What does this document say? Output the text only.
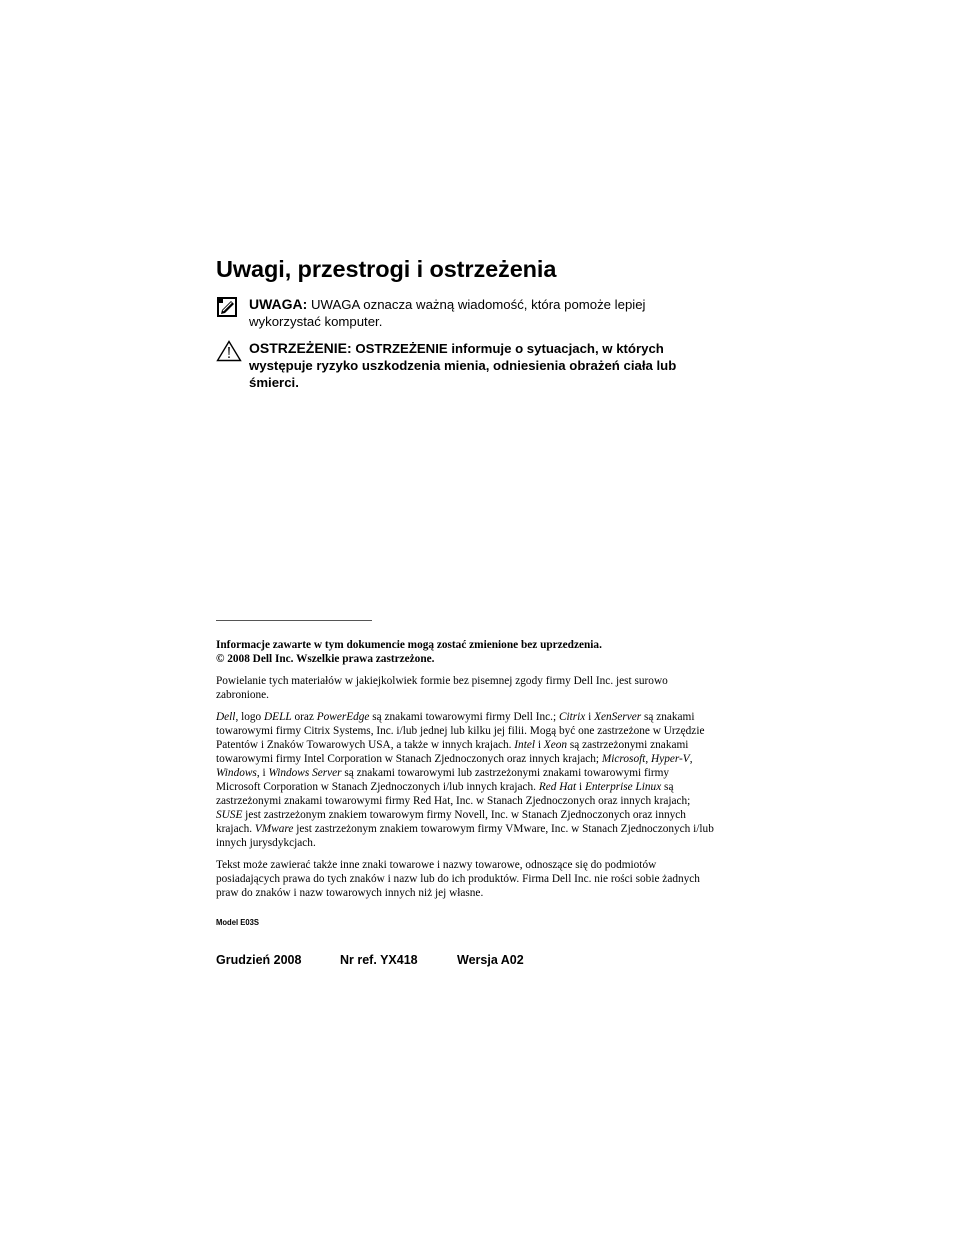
Uwagi, przestrogi i ostrzeżenia
UWAGA: UWAGA oznacza ważną wiadomość, która pomoże lepiej wykorzystać komputer.
OSTRZEŻENIE: OSTRZEŻENIE informuje o sytuacjach, w których występuje ryzyko uszkodzenia mienia, odniesienia obrażeń ciała lub śmierci.

Informacje zawarte w tym dokumencie mogą zostać zmienione bez uprzedzenia.

© 2008 Dell Inc. Wszelkie prawa zastrzeżone.

Powielanie tych materiałów w jakiejkolwiek formie bez pisemnej zgody firmy Dell Inc. jest surowo zabronione.

Dell, logo DELL oraz PowerEdge są znakami towarowymi firmy Dell Inc.; Citrix i XenServer są znakami towarowymi firmy Citrix Systems, Inc. i/lub jednej lub kilku jej filii. Mogą być one zastrzeżone w Urzędzie Patentów i Znaków Towarowych USA, a także w innych krajach. Intel i Xeon są zastrzeżonymi znakami towarowymi firmy Intel Corporation w Stanach Zjednoczonych oraz innych krajach; Microsoft, Hyper-V, Windows, i Windows Server są znakami towarowymi lub zastrzeżonymi znakami towarowymi firmy Microsoft Corporation w Stanach Zjednoczonych i/lub innych krajach. Red Hat i Enterprise Linux są zastrzeżonymi znakami towarowymi firmy Red Hat, Inc. w Stanach Zjednoczonych oraz innych krajach; SUSE jest zastrzeżonym znakiem towarowym firmy Novell, Inc. w Stanach Zjednoczonych oraz innych krajach. VMware jest zastrzeżonym znakiem towarowym firmy VMware, Inc. w Stanach Zjednoczonych i/lub innych jurysdykcjach.

Tekst może zawierać także inne znaki towarowe i nazwy towarowe, odnoszące się do podmiotów posiadających prawa do tych znaków i nazw lub do ich produktów. Firma Dell Inc. nie rości sobie żadnych praw do znaków i nazw towarowych innych niż jej własne.

Model E03S
Grudzień 2008	Nr ref. YX418	Wersja A02
